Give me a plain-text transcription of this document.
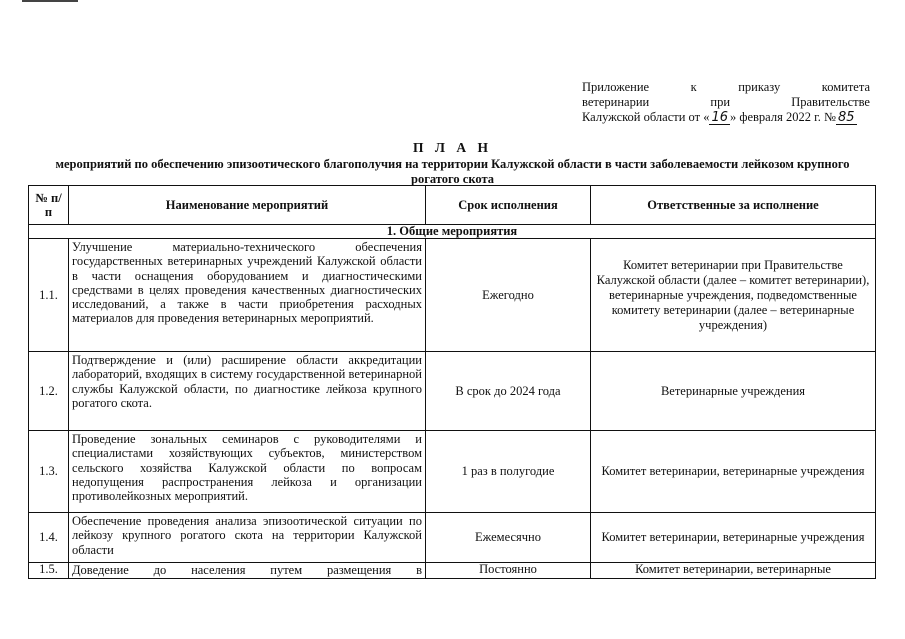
Приложение	к	приказу	комитета
ветеринарии	при	Правительстве
Калужской области от « 16 » февраля 2022 г. № 85
П Л А Н
мероприятий по обеспечению эпизоотического благополучия на территории Калужской области в части заболеваемости лейкозом крупного рогатого скота
№ п/п	Наименование мероприятий	Срок исполнения	Ответственные за исполнение
1. Общие мероприятия			
1.1.	Улучшение материально-технического обеспечения государственных ветеринарных учреждений Калужской области в части оснащения оборудованием и диагностическими средствами в целях проведения качественных диагностических исследований, а также в части приобретения расходных материалов для проведения ветеринарных мероприятий.	Ежегодно	Комитет ветеринарии при Правительстве Калужской области (далее – комитет ветеринарии), ветеринарные учреждения, подведомственные комитету ветеринарии (далее – ветеринарные учреждения)
1.2.	Подтверждение и (или) расширение области аккредитации лабораторий, входящих в систему государственной ветеринарной службы Калужской области, по диагностике лейкоза крупного рогатого скота.	В срок до 2024 года	Ветеринарные учреждения
1.3.	Проведение зональных семинаров с руководителями и специалистами хозяйствующих субъектов, министерством сельского хозяйства Калужской области по вопросам недопущения распространения лейкоза и организации противолейкозных мероприятий.	1 раз в полугодие	Комитет ветеринарии, ветеринарные учреждения
1.4.	Обеспечение проведения анализа эпизоотической ситуации по лейкозу крупного рогатого скота на территории Калужской области	Ежемесячно	Комитет ветеринарии, ветеринарные учреждения
1.5.	Доведение до населения путем размещения в	Постоянно	Комитет ветеринарии, ветеринарные
